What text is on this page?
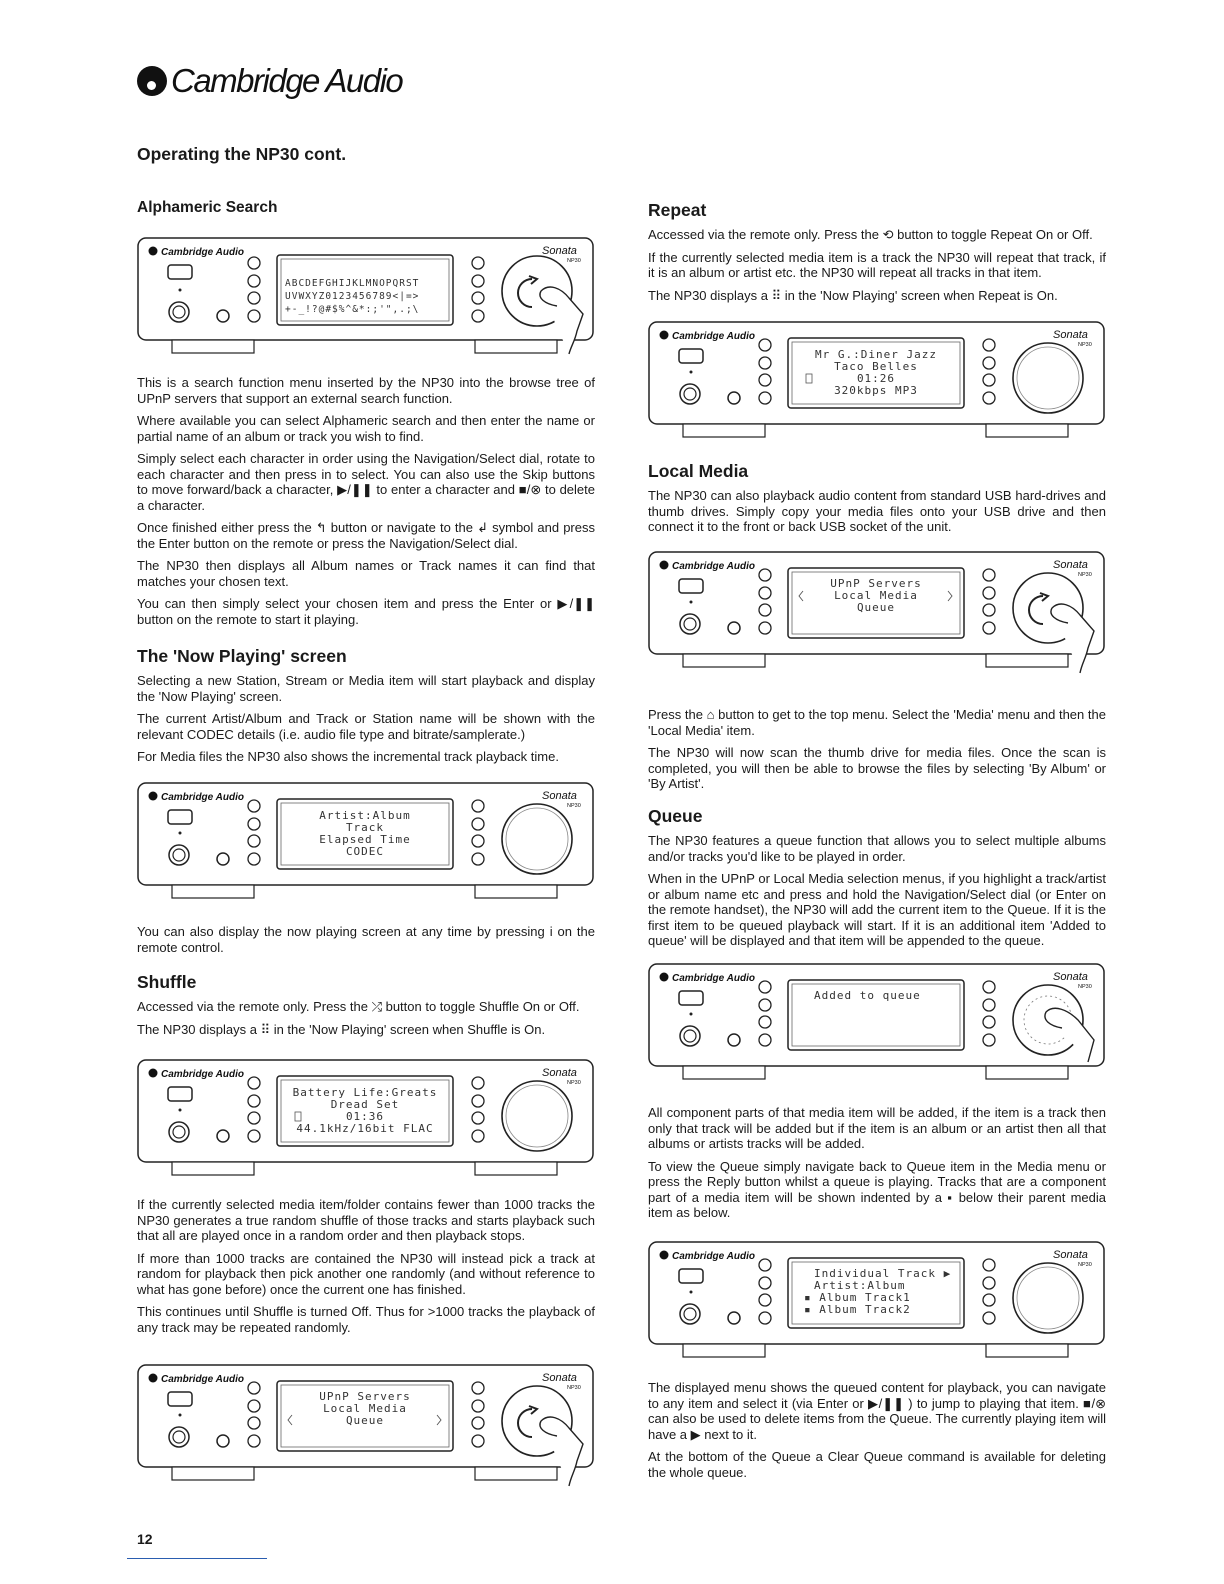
Cambridge Audio
Operating the NP30 cont.
Alphameric Search
Cambridge Audio
ABCDEFGHIJKLMNOPQRST
UVWXYZ0123456789<|=>
+-_!?@#$%^&*:;'",.;\
Sonata
NP30

This is a search function menu inserted by the NP30 into the browse tree of UPnP servers that support an external search function.

Where available you can select Alphameric search and then enter the name or partial name of an album or track you wish to find.

Simply select each character in order using the Navigation/Select dial, rotate to each character and then press in to select. You can also use the Skip buttons to move forward/back a character, ▶/❚❚ to enter a character and ■/⊗ to delete a character.

Once finished either press the ↰ button or navigate to the ↲ symbol and press the Enter button on the remote or press the Navigation/Select dial.

The NP30 then displays all Album names or Track names it can find that matches your chosen text.

You can then simply select your chosen item and press the Enter or ▶/❚❚ button on the remote to start it playing.

The 'Now Playing' screen

Selecting a new Station, Stream or Media item will start playback and display the 'Now Playing' screen.

The current Artist/Album and Track or Station name will be shown with the relevant CODEC details (i.e. audio file type and bitrate/samplerate.)

For Media files the NP30 also shows the incremental track playback time.

Cambridge Audio
Artist:Album
Track
Elapsed Time
CODEC
Sonata
NP30

You can also display the now playing screen at any time by pressing i on the remote control.

Shuffle

Accessed via the remote only. Press the ⤮ button to toggle Shuffle On or Off.

The NP30 displays a ⠿ in the 'Now Playing' screen when Shuffle is On.

Cambridge Audio
Battery Life:Greats
Dread Set
01:36
44.1kHz/16bit FLAC
Sonata
NP30

If the currently selected media item/folder contains fewer than 1000 tracks the NP30 generates a true random shuffle of those tracks and starts playback such that all are played once in a random order and then playback stops.

If more than 1000 tracks are contained the NP30 will instead pick a track at random for playback then pick another one randomly (and without reference to what has gone before) once the current one has finished.

This continues until Shuffle is turned Off. Thus for >1000 tracks the playback of any track may be repeated randomly.

Cambridge Audio
UPnP Servers
Local Media
Queue
Sonata
NP30
Repeat

Accessed via the remote only. Press the ⟲ button to toggle Repeat On or Off.

If the currently selected media item is a track the NP30 will repeat that track, if it is an album or artist etc. the NP30 will repeat all tracks in that item.

The NP30 displays a ⠿ in the 'Now Playing' screen when Repeat is On.

Cambridge Audio
Mr G.:Diner Jazz
Taco Belles
01:26
320kbps MP3
Sonata
NP30
Local Media

The NP30 can also playback audio content from standard USB hard-drives and thumb drives. Simply copy your media files onto your USB drive and then connect it to the front or back USB socket of the unit.

Cambridge Audio
UPnP Servers
Local Media
Queue
Sonata
NP30

Press the ⌂ button to get to the top menu. Select the 'Media' menu and then the 'Local Media' item.

The NP30 will now scan the thumb drive for media files. Once the scan is completed, you will then be able to browse the files by selecting 'By Album' or 'By Artist'.

Queue

The NP30 features a queue function that allows you to select multiple albums and/or tracks you'd like to be played in order.

When in the UPnP or Local Media selection menus, if you highlight a track/artist or album name etc and press and hold the Navigation/Select dial (or Enter on the remote handset), the NP30 will add the current item to the Queue. If it is the first item to be queued playback will start. If it is an additional item 'Added to queue' will be displayed and that item will be appended to the queue.

Cambridge Audio
Added to queue
Sonata
NP30

All component parts of that media item will be added, if the item is a track then only that track will be added but if the item is an album or an artist then all that albums or artists tracks will be added.

To view the Queue simply navigate back to Queue item in the Media menu or press the Reply button whilst a queue is playing. Tracks that are a component part of a media item will be shown indented by a ▪ below their parent media item as below.

Cambridge Audio
Individual Track ▶
Artist:Album
▪ Album Track1
▪ Album Track2
Sonata
NP30

The displayed menu shows the queued content for playback, you can navigate to any item and select it (via Enter or ▶/❚❚ ) to jump to playing that item. ■/⊗ can also be used to delete items from the Queue. The currently playing item will have a ▶ next to it.

At the bottom of the Queue a Clear Queue command is available for deleting the whole queue.

12
